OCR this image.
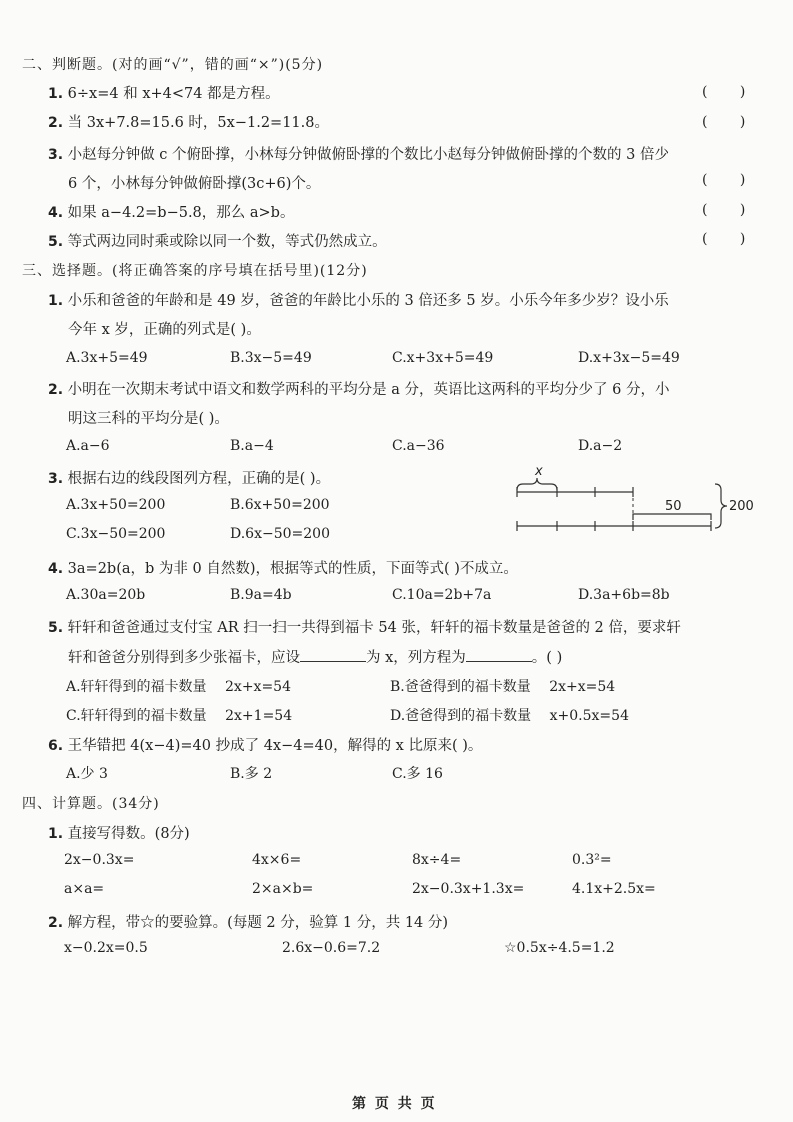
二、判断题。(对的画“√”，错的画“×”)(5分)
1. 6÷x=4 和 x+4<74 都是方程。	( )
2. 当 3x+7.8=15.6 时，5x−1.2=11.8。	( )
3. 小赵每分钟做 c 个俯卧撑，小林每分钟做俯卧撑的个数比小赵每分钟做俯卧撑的个数的 3 倍少
6 个，小林每分钟做俯卧撑(3c+6)个。	( )
4. 如果 a−4.2=b−5.8，那么 a>b。	( )
5. 等式两边同时乘或除以同一个数，等式仍然成立。	( )
三、选择题。(将正确答案的序号填在括号里)(12分)
1. 小乐和爸爸的年龄和是 49 岁，爸爸的年龄比小乐的 3 倍还多 5 岁。小乐今年多少岁？设小乐
今年 x 岁，正确的列式是( )。
A.3x+5=49	B.3x−5=49	C.x+3x+5=49	D.x+3x−5=49
2. 小明在一次期末考试中语文和数学两科的平均分是 a 分，英语比这两科的平均分少了 6 分，小
明这三科的平均分是( )。
A.a−6	B.a−4	C.a−36	D.a−2
3. 根据右边的线段图列方程，正确的是( )。
A.3x+50=200	B.6x+50=200
C.3x−50=200	D.6x−50=200
x
50	200
4. 3a=2b(a，b 为非 0 自然数)，根据等式的性质，下面等式( )不成立。
A.30a=20b	B.9a=4b	C.10a=2b+7a	D.3a+6b=8b
5. 轩轩和爸爸通过支付宝 AR 扫一扫一共得到福卡 54 张，轩轩的福卡数量是爸爸的 2 倍，要求轩
轩和爸爸分别得到多少张福卡，应设	为 x，列方程为	。( )
A.轩轩得到的福卡数量 2x+x=54	B.爸爸得到的福卡数量 2x+x=54
C.轩轩得到的福卡数量 2x+1=54	D.爸爸得到的福卡数量 x+0.5x=54
6. 王华错把 4(x−4)=40 抄成了 4x−4=40，解得的 x 比原来( )。
A.少 3	B.多 2	C.多 16
四、计算题。(34分)
1. 直接写得数。(8分)
2x−0.3x=	4x×6=	8x÷4=	0.3²=
a×a=	2×a×b=	2x−0.3x+1.3x=	4.1x+2.5x=
2. 解方程，带☆的要验算。(每题 2 分，验算 1 分，共 14 分)
x−0.2x=0.5	2.6x−0.6=7.2	☆0.5x÷4.5=1.2
第 页 共 页
